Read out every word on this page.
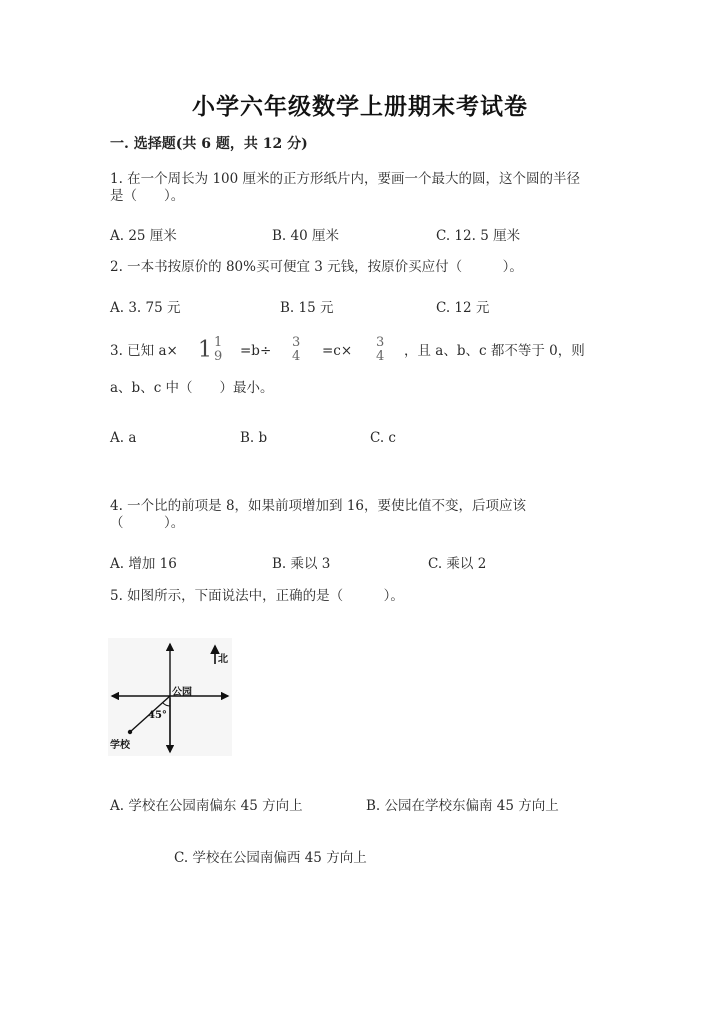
小学六年级数学上册期末考试卷
一. 选择题(共 6 题，共 12 分)
1. 在一个周长为 100 厘米的正方形纸片内，要画一个最大的圆，这个圆的半径
是（　　）。
A. 25 厘米	B. 40 厘米	C. 12. 5 厘米
2. 一本书按原价的 80%买可便宜 3 元钱，按原价买应付（　　　）。
A. 3. 75 元	B. 15 元	C. 12 元
3. 已知 a× 1 1
9 =b÷
3
4 =c×
3
4 ，且 a、b、c 都不等于 0，则
a、b、c 中（　　）最小。
A. a	B. b	C. c
4. 一个比的前项是 8，如果前项增加到 16，要使比值不变，后项应该
（　　　）。
A. 增加 16	B. 乘以 3	C. 乘以 2
5. 如图所示，下面说法中，正确的是（　　　）。
北
公园
45°
学校
A. 学校在公园南偏东 45 方向上	B. 公园在学校东偏南 45 方向上
C. 学校在公园南偏西 45 方向上
